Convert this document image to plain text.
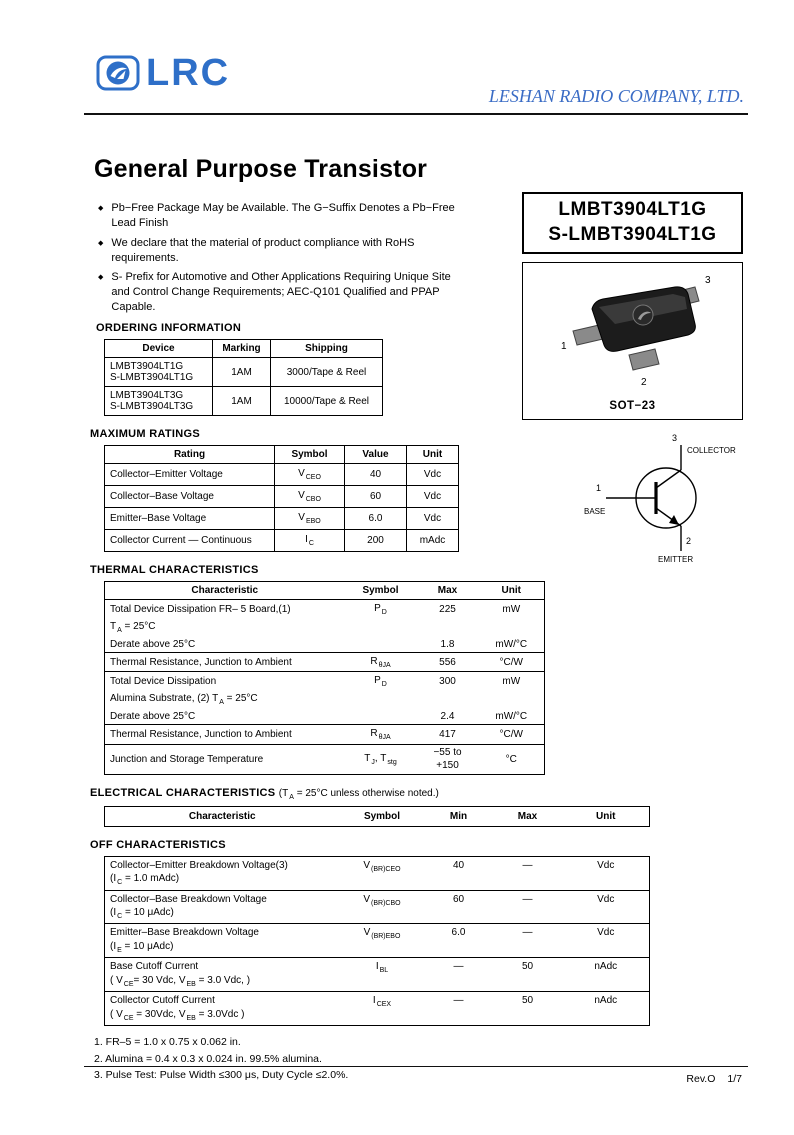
LRC
LESHAN RADIO COMPANY, LTD.
General Purpose Transistor
◆ Pb−Free Package May be Available. The G−Suffix Denotes a Pb−Free Lead Finish
◆ We declare that the material of product compliance with RoHS requirements.
◆ S- Prefix for Automotive and Other Applications Requiring Unique Site and Control Change Requirements; AEC-Q101 Qualified and PPAP Capable.
LMBT3904LT1G
S-LMBT3904LT1G
1
2
3
SOT−23
3
COLLECTOR
1
BASE
2
EMITTER
ORDERING INFORMATION
Device	Marking	Shipping

LMBT3904LT1G
S-LMBT3904LT1G	1AM	3000/Tape & Reel

LMBT3904LT3G
S-LMBT3904LT3G	1AM	10000/Tape & Reel
MAXIMUM RATINGS
Rating	Symbol	Value	Unit
Collector–Emitter Voltage	$V_{CEO}$	40	Vdc
Collector–Base Voltage	$V_{CBO}$	60	Vdc
Emitter–Base Voltage	$V_{EBO}$	6.0	Vdc
Collector Current — Continuous	$I_C$	200	mAdc
THERMAL CHARACTERISTICS
Characteristic	Symbol	Max	Unit
Total Device Dissipation FR– 5 Board,(1)	$P_D$	225	mW
$T_A = 25^\circ C$			
Derate above 25°C		1.8	mW/°C
Thermal Resistance, Junction to Ambient	$R_{\theta JA}$	556	°C/W
Total Device Dissipation	$P_D$	300	mW
Alumina Substrate, (2) $T_A = 25^\circ C$			
Derate above 25°C		2.4	mW/°C
Thermal Resistance, Junction to Ambient	$R_{\theta JA}$	417	°C/W
Junction and Storage Temperature	$T_J$, $T_{stg}$	−55 to +150	°C
ELECTRICAL CHARACTERISTICS ($T_A = 25^\circ C$ unless otherwise noted.)
Characteristic	Symbol	Min	Max	Unit
OFF CHARACTERISTICS
Collector–Emitter Breakdown Voltage(3)
($I_C = 1.0$ mAdc)	$V_{(BR)CEO}$	40	—	Vdc

Collector–Base Breakdown Voltage
($I_C = 10$ μAdc)	$V_{(BR)CBO}$	60	—	Vdc

Emitter–Base Breakdown Voltage
($I_E = 10$ μAdc)	$V_{(BR)EBO}$	6.0	—	Vdc

Base Cutoff Current
( $V_{CE}= 30$ Vdc, $V_{EB} = 3.0$ Vdc, )	$I_{BL}$	—	50	nAdc

Collector Cutoff Current
( $V_{CE} = 30Vdc$, $V_{EB} = 3.0Vdc$ )	$I_{CEX}$	—	50	nAdc
1. FR–5 = 1.0 x 0.75 x 0.062 in.
2. Alumina = 0.4 x 0.3 x 0.024 in. 99.5% alumina.
3. Pulse Test: Pulse Width ≤300 μs, Duty Cycle ≤2.0%.	Rev.O 1/7
